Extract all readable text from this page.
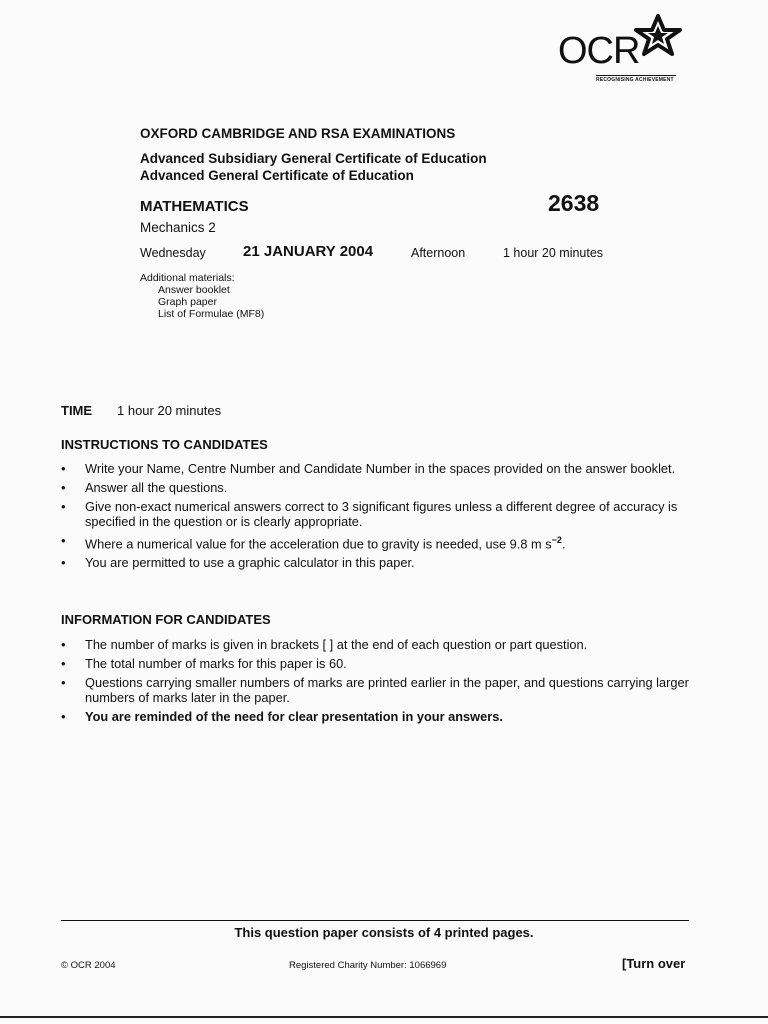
OCR
RECOGNISING ACHIEVEMENT
OXFORD CAMBRIDGE AND RSA EXAMINATIONS
Advanced Subsidiary General Certificate of Education
Advanced General Certificate of Education
MATHEMATICS	2638
Mechanics 2
Wednesday 21 JANUARY 2004	Afternoon	1 hour 20 minutes
Additional materials:
Answer booklet
Graph paper
List of Formulae (MF8)
TIME 1 hour 20 minutes
INSTRUCTIONS TO CANDIDATES
• Write your Name, Centre Number and Candidate Number in the spaces provided on the answer booklet.
• Answer all the questions.
• Give non-exact numerical answers correct to 3 significant figures unless a different degree of accuracy is specified in the question or is clearly appropriate.
• Where a numerical value for the acceleration due to gravity is needed, use 9.8 m $s^{-2}$.
• You are permitted to use a graphic calculator in this paper.
INFORMATION FOR CANDIDATES
• The number of marks is given in brackets [ ] at the end of each question or part question.
• The total number of marks for this paper is 60.
• Questions carrying smaller numbers of marks are printed earlier in the paper, and questions carrying larger numbers of marks later in the paper.
• You are reminded of the need for clear presentation in your answers.
This question paper consists of 4 printed pages.
© OCR 2004	Registered Charity Number: 1066969	[Turn over
